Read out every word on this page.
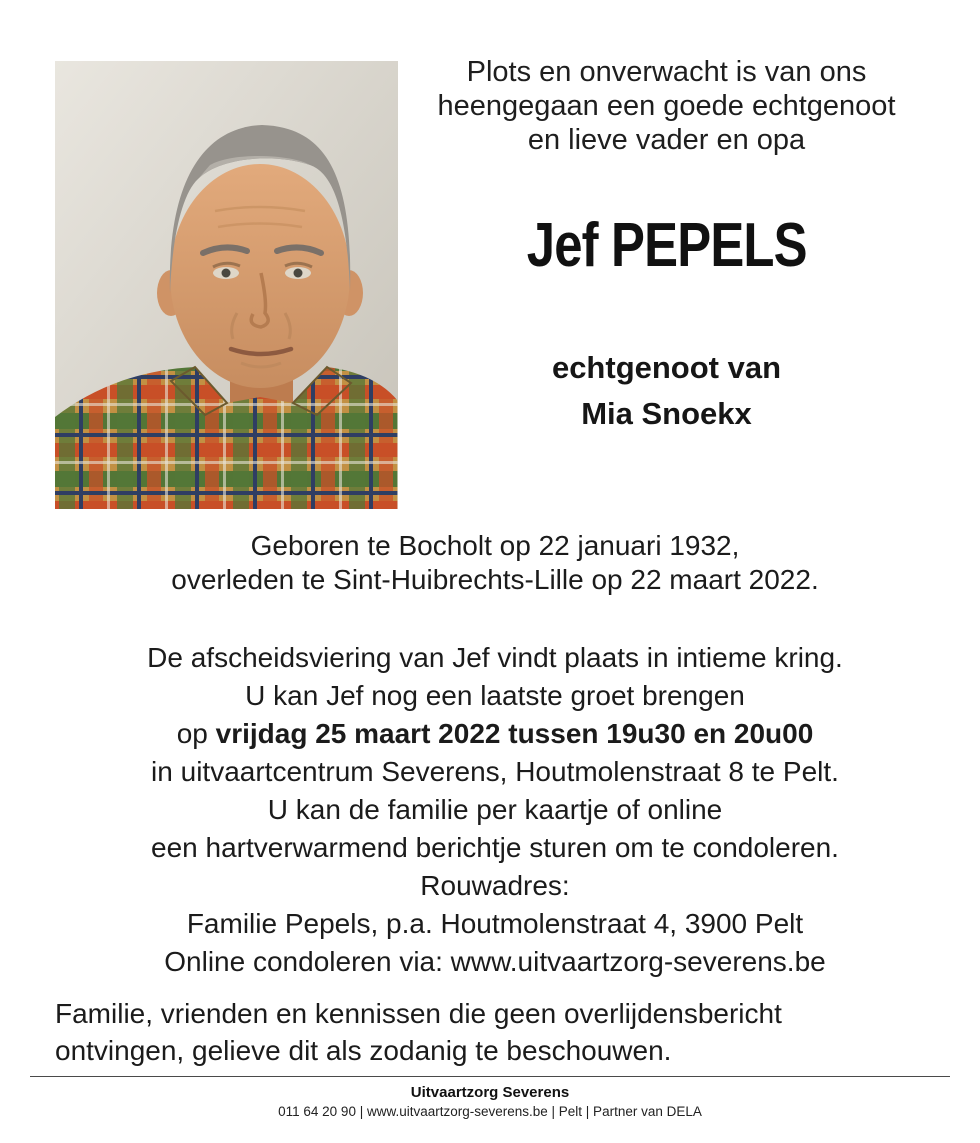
Plots en onverwacht is van ons
heengegaan een goede echtgenoot
en lieve vader en opa
Jef PEPELS
echtgenoot van
Mia Snoekx
Geboren te Bocholt op 22 januari 1932,
overleden te Sint-Huibrechts-Lille op 22 maart 2022.
De afscheidsviering van Jef vindt plaats in intieme kring.
U kan Jef nog een laatste groet brengen
op vrijdag 25 maart 2022 tussen 19u30 en 20u00
in uitvaartcentrum Severens, Houtmolenstraat 8 te Pelt.
U kan de familie per kaartje of online
een hartverwarmend berichtje sturen om te condoleren.
Rouwadres:
Familie Pepels, p.a. Houtmolenstraat 4, 3900 Pelt
Online condoleren via: www.uitvaartzorg-severens.be
Familie, vrienden en kennissen die geen overlijdensbericht
ontvingen, gelieve dit als zodanig te beschouwen.
Uitvaartzorg Severens
011 64 20 90 | www.uitvaartzorg-severens.be | Pelt | Partner van DELA
